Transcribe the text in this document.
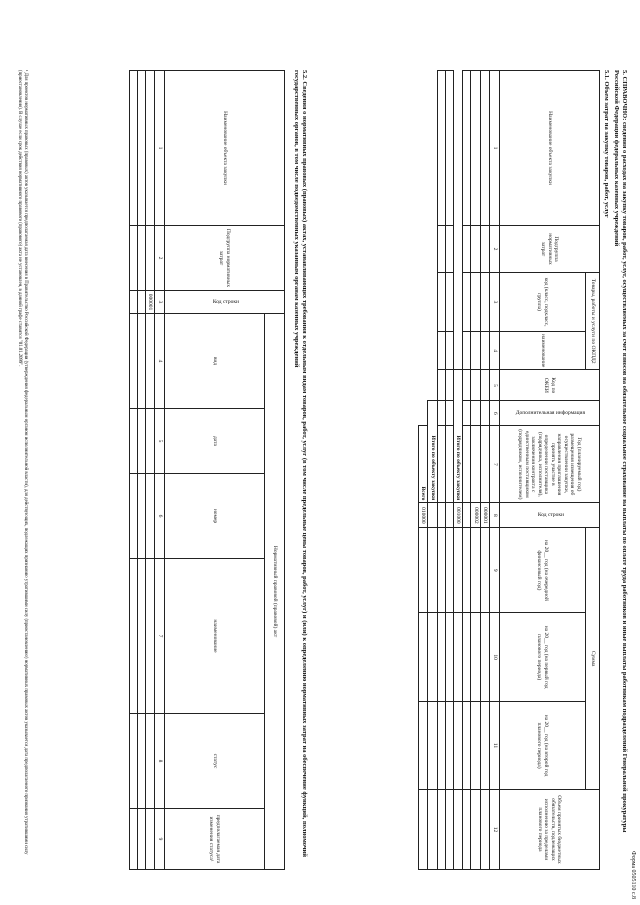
Форма 0505110 с.8
5. СПРАВОЧНО: сведения о расходах на закупку товаров, работ, услуг, осуществляемых за счет взносов на обязательное социальное страхование на выплаты по оплате труда работников и иные выплаты работникам подразделений Генеральной прокуратуры Российской Федерации федеральных казенных учреждений
5.1. Объем затрат на закупку товаров, работ, услуг
Наименование объекта закупки	Подгруппа нормативных затрат	Товары, работы и услуги по ОКПД2		Код по ОКЕИ	Дополнительная информация	Год (планируемый год) размещения извещения об осуществлении закупки, направления приглашения принять участие в определении поставщика (подрядчика, исполнителя), заключения контракта с единственным поставщиком (подрядчиком, исполнителем)	Код строки	Сумма			Объем принятых бюджетных обязательств, подлежащих исполнению за пределами планового периода
		код (класс, подкласс, группа)	наименование					на 20__ год (на очередной финансовый год)	на 20__ год (на первый год планового периода)	на 20__ год (на второй год планового периода)	

1	2	3	4	5	6	7	8	9	10	11	12
							000001				
							000002				

				Итого по объекту закупки			001000				

					Итого по объекту закупки						
						Всего	010000				
5.2. Сведения о нормативных правовых (правовых) актах, устанавливающих требования к отдельным видам товаров, работ, услуг (в том числе предельные цены товаров, работ, услуг) и (или) к определению нормативных затрат на обеспечение функций, полномочий государственных органов, в том числе подведомственных указанным органам казенных учреждений
Наименование объекта закупки	Подгруппа нормативных затрат	Код строки	Нормативный правовой (правовой) акт					
			вид	дата	номер	наименование	статус	предполагаемая дата изменения статуса¹
1	2	3	4	5	6	7	8	9
		000001						

¹ Для проектов нормативных правовых (правовых) актов указывается предполагаемая дата внесения в Правительство Российской Федерации (утверждения федеральным органом исполнительной власти), для действующих, подлежащих признанию утратившими силу (приостановлению) нормативных правовых актов указывается дата предполагаемого признания утратившими силу (приостановления). В случае если срок действия нормативного правового (правового) акта не установлен, в данной графе ставится "01.01.2099".
